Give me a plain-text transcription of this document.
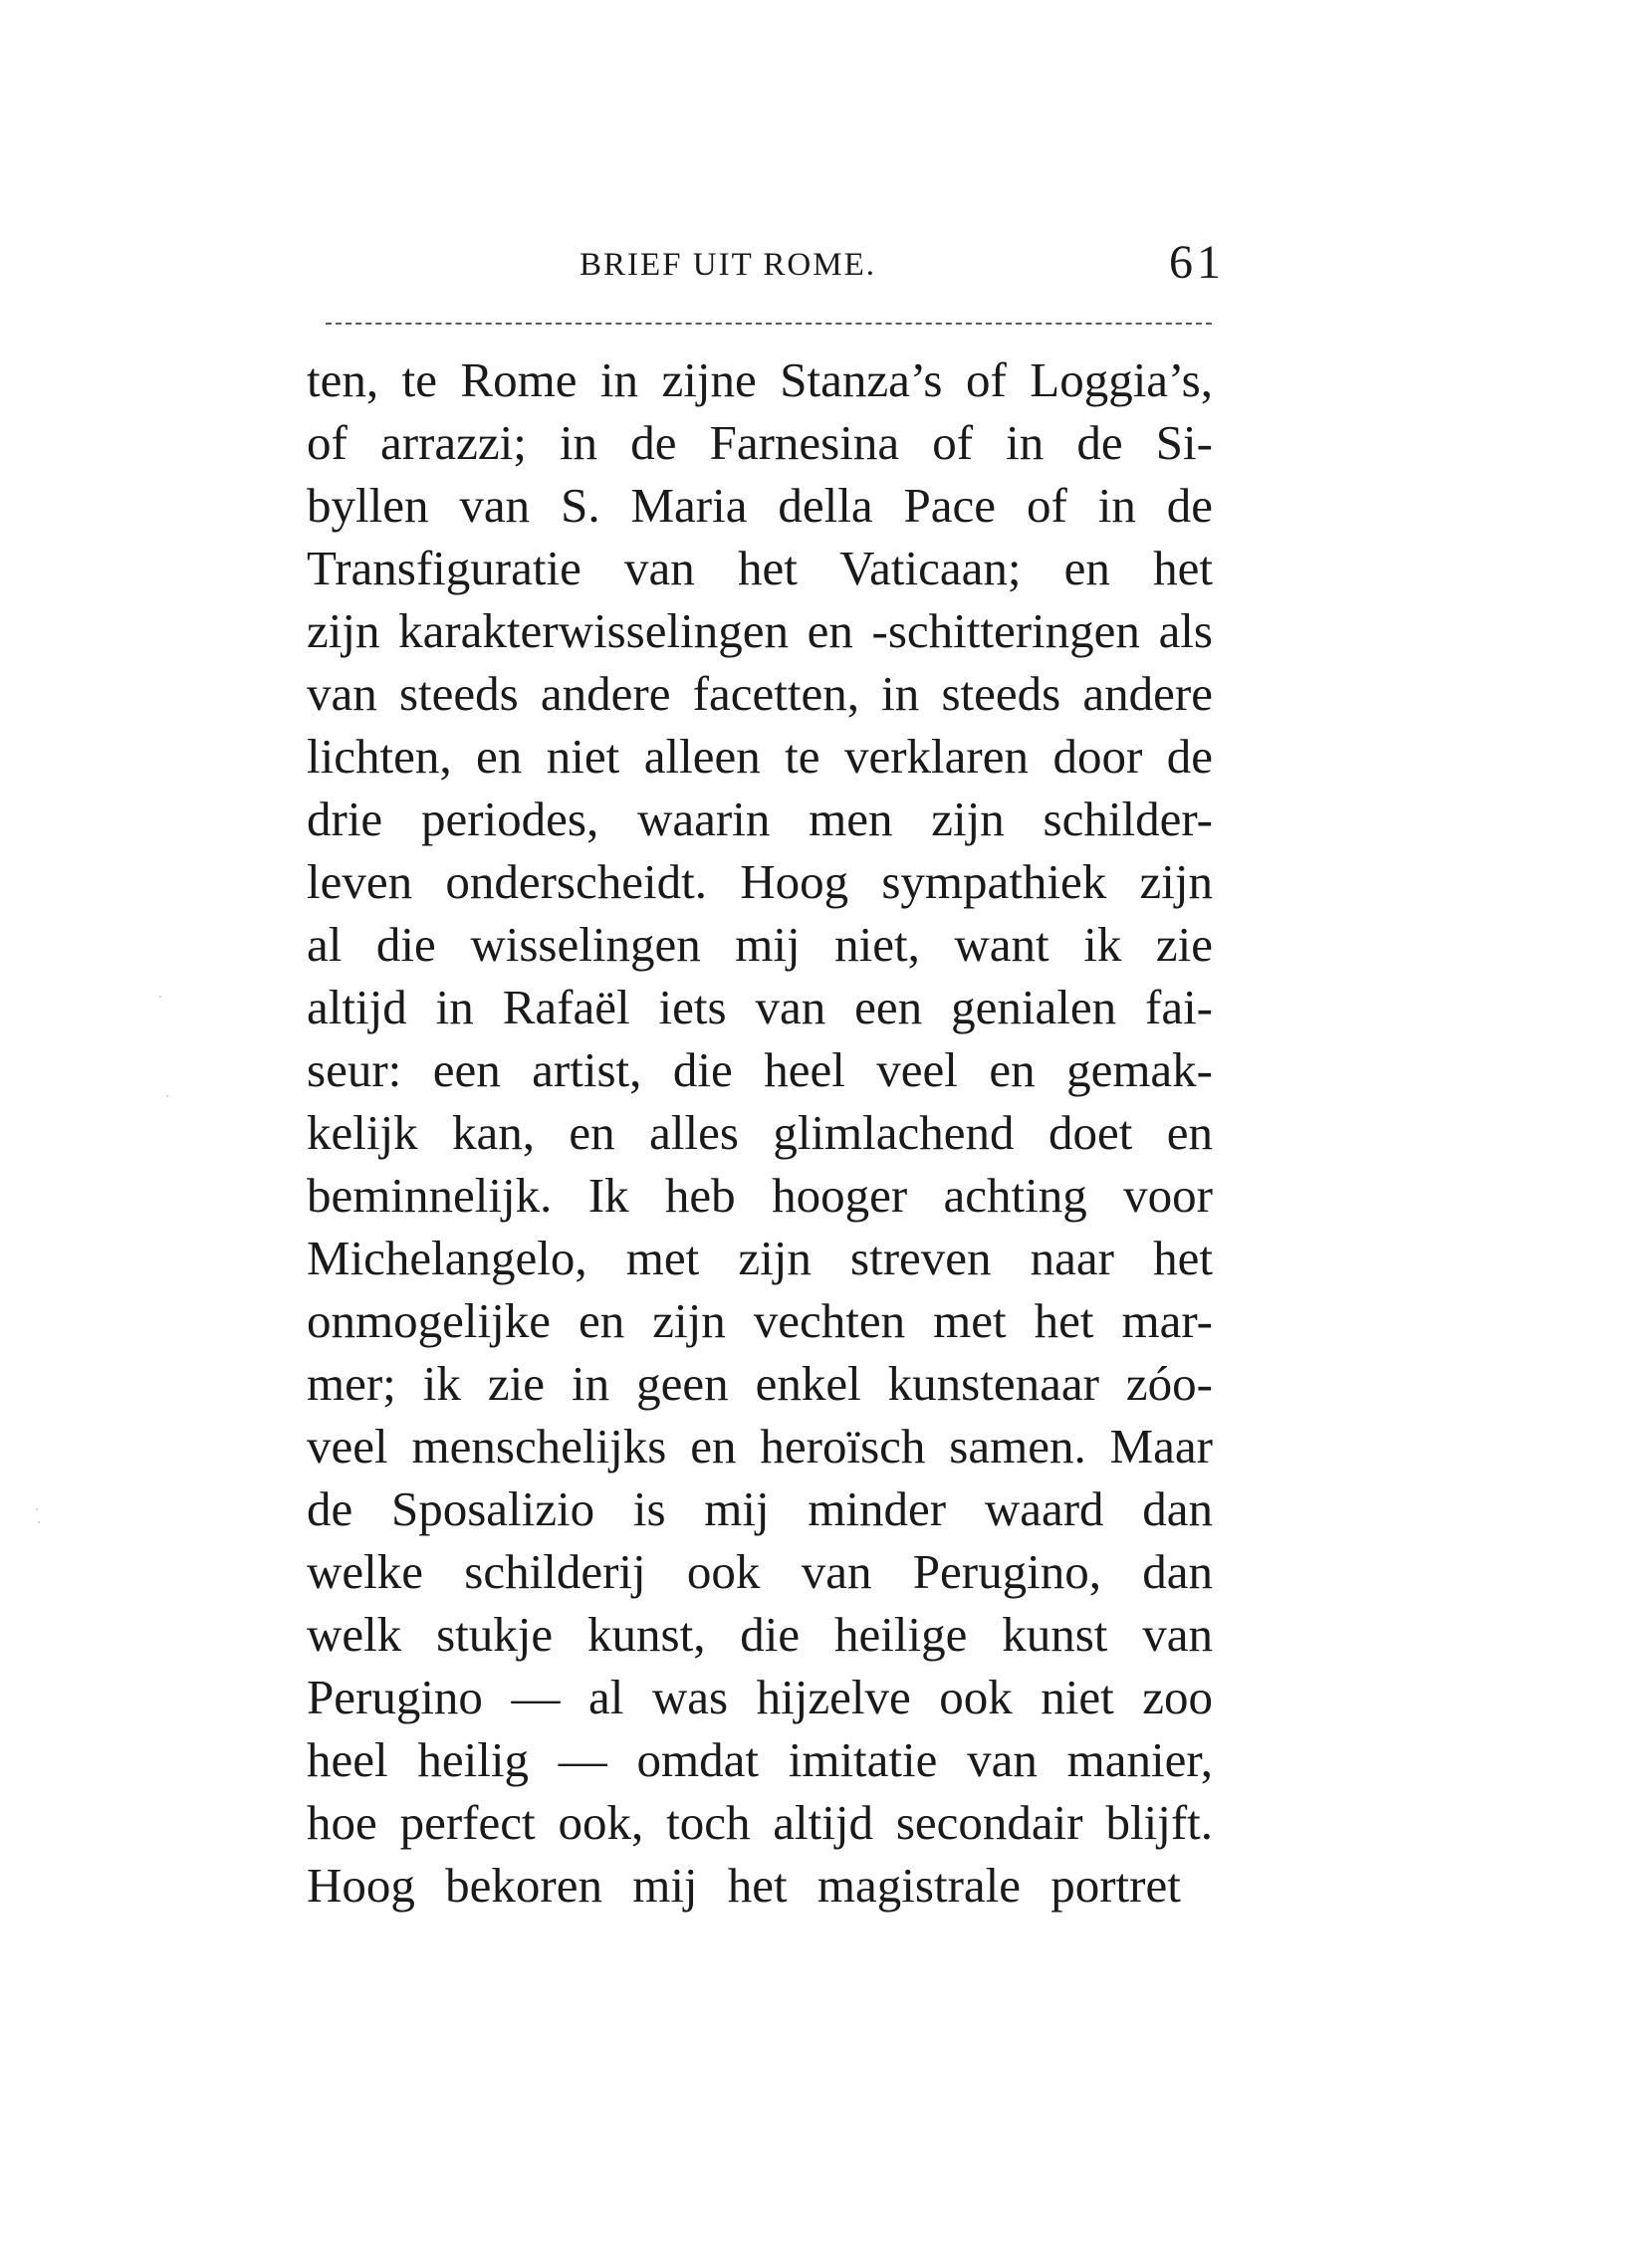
BRIEF UIT ROME.	61
ten, te Rome in zijne Stanza’s of Loggia’s,
of arrazzi; in de Farnesina of in de Si-
byllen van S. Maria della Pace of in de
Transfiguratie van het Vaticaan; en het
zijn karakterwisselingen en -schitteringen als
van steeds andere facetten, in steeds andere
lichten, en niet alleen te verklaren door de
drie periodes, waarin men zijn schilder-
leven onderscheidt. Hoog sympathiek zijn
al die wisselingen mij niet, want ik zie
altijd in Rafaël iets van een genialen fai-
seur: een artist, die heel veel en gemak-
kelijk kan, en alles glimlachend doet en
beminnelijk. Ik heb hooger achting voor
Michelangelo, met zijn streven naar het
onmogelijke en zijn vechten met het mar-
mer; ik zie in geen enkel kunstenaar zóo-
veel menschelijks en heroïsch samen. Maar
de Sposalizio is mij minder waard dan
welke schilderij ook van Perugino, dan
welk stukje kunst, die heilige kunst van
Perugino — al was hijzelve ook niet zoo
heel heilig — omdat imitatie van manier,
hoe perfect ook, toch altijd secondair blijft.
Hoog bekoren mij het magistrale portret
